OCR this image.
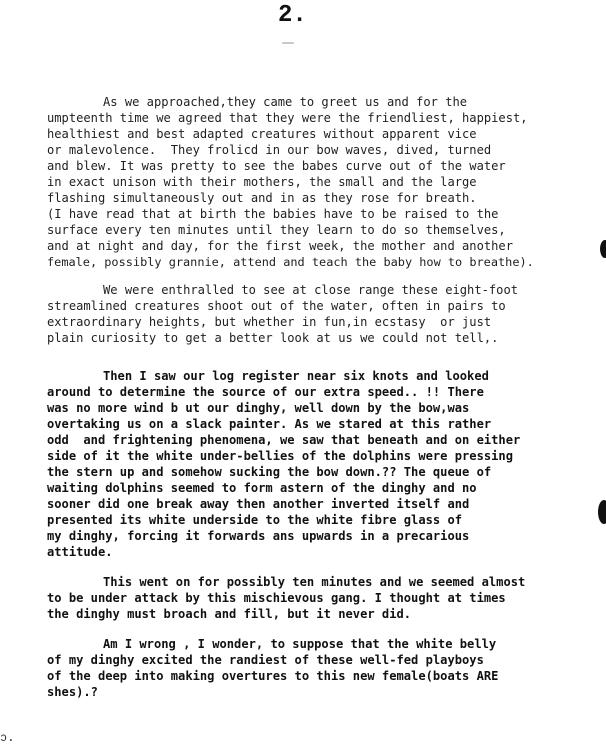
2.
As we approached,they came to greet us and for the
umpteenth time we agreed that they were the friendliest, happiest,
healthiest and best adapted creatures without apparent vice
or malevolence.  They frolicd in our bow waves, dived, turned
and blew. It was pretty to see the babes curve out of the water
in exact unison with their mothers, the small and the large
flashing simultaneously out and in as they rose for breath.
(I have read that at birth the babies have to be raised to the
surface every ten minutes until they learn to do so themselves,
and at night and day, for the first week, the mother and another
female, possibly grannie, attend and teach the baby how to breathe).
We were enthralled to see at close range these eight-foot
streamlined creatures shoot out of the water, often in pairs to
extraordinary heights, but whether in fun,in ecstasy  or just
plain curiosity to get a better look at us we could not tell,.
Then I saw our log register near six knots and looked
around to determine the source of our extra speed.. !! There
was no more wind b ut our dinghy, well down by the bow,was
overtaking us on a slack painter. As we stared at this rather
odd  and frightening phenomena, we saw that beneath and on either
side of it the white under-bellies of the dolphins were pressing
the stern up and somehow sucking the bow down.?? The queue of
waiting dolphins seemed to form astern of the dinghy and no
sooner did one break away then another inverted itself and
presented its white underside to the white fibre glass of
my dinghy, forcing it forwards ans upwards in a precarious
attitude.
This went on for possibly ten minutes and we seemed almost
to be under attack by this mischievous gang. I thought at times
the dinghy must broach and fill, but it never did.
Am I wrong , I wonder, to suppose that the white belly
of my dinghy excited the randiest of these well-fed playboys
of the deep into making overtures to this new female(boats ARE
shes).?
ↄ.
